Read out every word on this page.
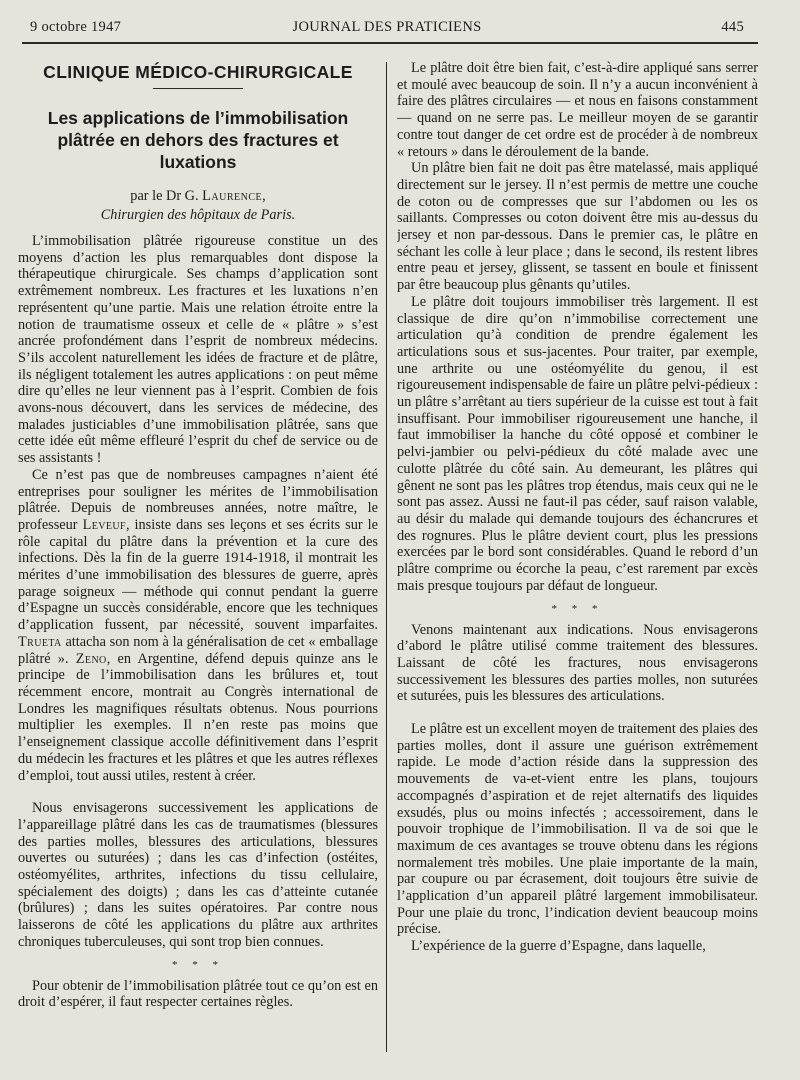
9 octobre 1947	JOURNAL DES PRATICIENS	445
CLINIQUE MÉDICO-CHIRURGICALE
Les applications de l’immobilisation plâtrée en dehors des fractures et luxations
par le Dr G. Laurence,
Chirurgien des hôpitaux de Paris.

L’immobilisation plâtrée rigoureuse constitue un des moyens d’action les plus remarquables dont dispose la thérapeutique chirurgicale. Ses champs d’application sont extrêmement nombreux. Les fractures et les luxations n’en représentent qu’une partie. Mais une relation étroite entre la notion de traumatisme osseux et celle de « plâtre » s’est ancrée profondément dans l’esprit de nombreux médecins. S’ils accolent naturellement les idées de fracture et de plâtre, ils négligent totalement les autres applications : on peut même dire qu’elles ne leur viennent pas à l’esprit. Combien de fois avons-nous découvert, dans les services de médecine, des malades justiciables d’une immobilisation plâtrée, sans que cette idée eût même effleuré l’esprit du chef de service ou de ses assistants !

Ce n’est pas que de nombreuses campagnes n’aient été entreprises pour souligner les mérites de l’immobilisation plâtrée. Depuis de nombreuses années, notre maître, le professeur Leveuf, insiste dans ses leçons et ses écrits sur le rôle capital du plâtre dans la prévention et la cure des infections. Dès la fin de la guerre 1914-1918, il montrait les mérites d’une immobilisation des blessures de guerre, après parage soigneux — méthode qui connut pendant la guerre d’Espagne un succès considérable, encore que les techniques d’application fussent, par nécessité, souvent imparfaites. Trueta attacha son nom à la généralisation de cet « emballage plâtré ». Zeno, en Argentine, défend depuis quinze ans le principe de l’immobilisation dans les brûlures et, tout récemment encore, montrait au Congrès international de Londres les magnifiques résultats obtenus. Nous pourrions multiplier les exemples. Il n’en reste pas moins que l’enseignement classique accolle définitivement dans l’esprit du médecin les fractures et les plâtres et que les autres réflexes d’emploi, tout aussi utiles, restent à créer.

Nous envisagerons successivement les applications de l’appareillage plâtré dans les cas de traumatismes (blessures des parties molles, blessures des articulations, blessures ouvertes ou suturées) ; dans les cas d’infection (ostéites, ostéomyélites, arthrites, infections du tissu cellulaire, spécialement des doigts) ; dans les cas d’atteinte cutanée (brûlures) ; dans les suites opératoires. Par contre nous laisserons de côté les applications du plâtre aux arthrites chroniques tuberculeuses, qui sont trop bien connues.

* * *

Pour obtenir de l’immobilisation plâtrée tout ce qu’on est en droit d’espérer, il faut respecter certaines règles.

Le plâtre doit être bien fait, c’est-à-dire appliqué sans serrer et moulé avec beaucoup de soin. Il n’y a aucun inconvénient à faire des plâtres circulaires — et nous en faisons constamment — quand on ne serre pas. Le meilleur moyen de se garantir contre tout danger de cet ordre est de procéder à de nombreux « retours » dans le déroulement de la bande.

Un plâtre bien fait ne doit pas être matelassé, mais appliqué directement sur le jersey. Il n’est permis de mettre une couche de coton ou de compresses que sur l’abdomen ou les os saillants. Compresses ou coton doivent être mis au-dessus du jersey et non par-dessous. Dans le premier cas, le plâtre en séchant les colle à leur place ; dans le second, ils restent libres entre peau et jersey, glissent, se tassent en boule et finissent par être beaucoup plus gênants qu’utiles.

Le plâtre doit toujours immobiliser très largement. Il est classique de dire qu’on n’immobilise correctement une articulation qu’à condition de prendre également les articulations sous et sus-jacentes. Pour traiter, par exemple, une arthrite ou une ostéomyélite du genou, il est rigoureusement indispensable de faire un plâtre pelvi-pédieux : un plâtre s’arrêtant au tiers supérieur de la cuisse est tout à fait insuffisant. Pour immobiliser rigoureusement une hanche, il faut immobiliser la hanche du côté opposé et combiner le pelvi-jambier ou pelvi-pédieux du côté malade avec une culotte plâtrée du côté sain. Au demeurant, les plâtres qui gênent ne sont pas les plâtres trop étendus, mais ceux qui ne le sont pas assez. Aussi ne faut-il pas céder, sauf raison valable, au désir du malade qui demande toujours des échancrures et des rognures. Plus le plâtre devient court, plus les pressions exercées par le bord sont considérables. Quand le rebord d’un plâtre comprime ou écorche la peau, c’est rarement par excès mais presque toujours par défaut de longueur.

* * *

Venons maintenant aux indications. Nous envisagerons d’abord le plâtre utilisé comme traitement des blessures. Laissant de côté les fractures, nous envisagerons successivement les blessures des parties molles, non suturées et suturées, puis les blessures des articulations.

Le plâtre est un excellent moyen de traitement des plaies des parties molles, dont il assure une guérison extrêmement rapide. Le mode d’action réside dans la suppression des mouvements de va-et-vient entre les plans, toujours accompagnés d’aspiration et de rejet alternatifs des liquides exsudés, plus ou moins infectés ; accessoirement, dans le pouvoir trophique de l’immobilisation. Il va de soi que le maximum de ces avantages se trouve obtenu dans les régions normalement très mobiles. Une plaie importante de la main, par coupure ou par écrasement, doit toujours être suivie de l’application d’un appareil plâtré largement immobilisateur. Pour une plaie du tronc, l’indication devient beaucoup moins précise.

L’expérience de la guerre d’Espagne, dans laquelle,
